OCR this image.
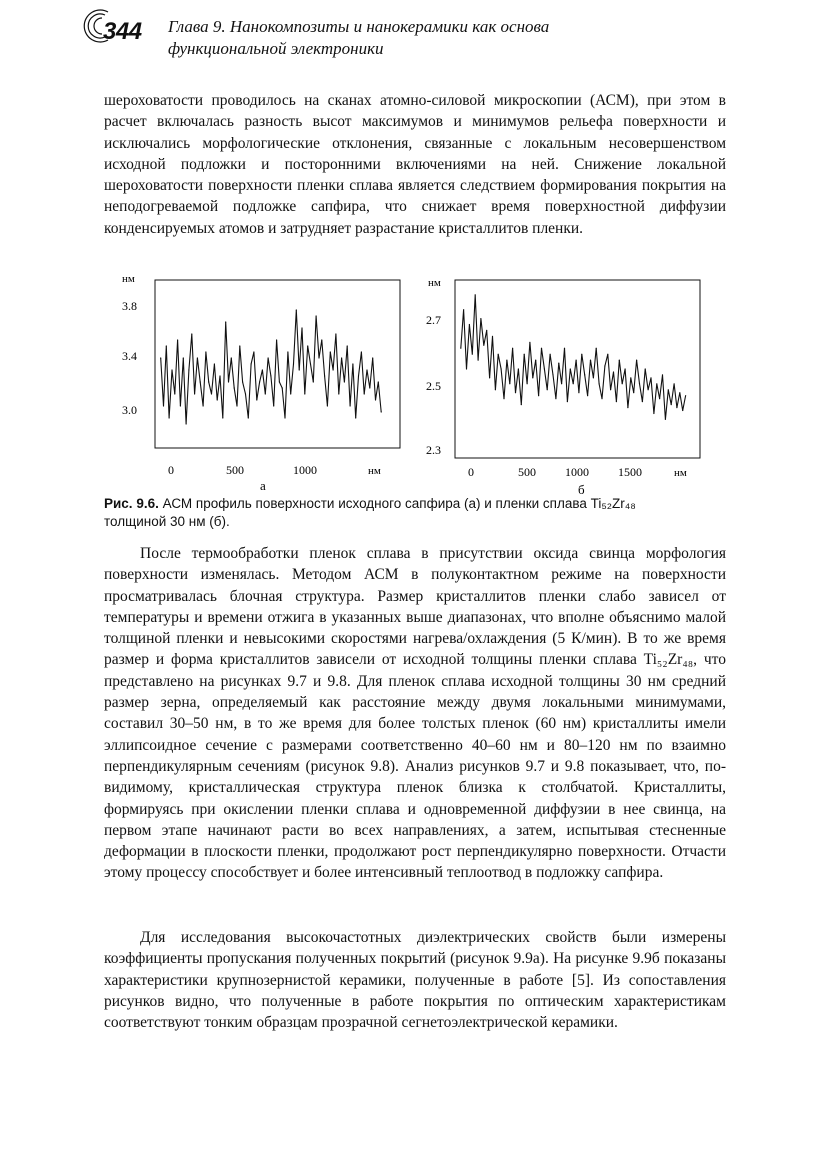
344 Глава 9. Нанокомпозиты и нанокерамики как основа
функциональной электроники

шероховатости проводилось на сканах атомно-силовой микроскопии (АСМ), при этом в расчет включалась разность высот максимумов и минимумов рельефа поверхности и исключались морфологические отклонения, связанные с локальным несовершенством исходной подложки и посторонними включениями на ней. Снижение локальной шероховатости поверхности пленки сплава является следствием формирования покрытия на неподогреваемой подложке сапфира, что снижает время поверхностной диффузии конденсируемых атомов и затрудняет разрастание кристаллитов пленки.

нм
3.8
3.4
3.0
0	500	1000	нм
а
нм
2.7
2.5
2.3
0	500 1000 1500	нм
б
Рис. 9.6. АСМ профиль поверхности исходного сапфира (а) и пленки сплава Ti₅₂Zr₄₈
толщиной 30 нм (б).

После термообработки пленок сплава в присутствии оксида свинца морфология поверхности изменялась. Методом АСМ в полуконтактном режиме на поверхности просматривалась блочная структура. Размер кристаллитов пленки слабо зависел от температуры и времени отжига в указанных выше диапазонах, что вполне объяснимо малой толщиной пленки и невысокими скоростями нагрева/охлаждения (5 К/мин). В то же время размер и форма кристаллитов зависели от исходной толщины пленки сплава Ti₅₂Zr₄₈, что представлено на рисунках 9.7 и 9.8. Для пленок сплава исходной толщины 30 нм средний размер зерна, определяемый как расстояние между двумя локальными минимумами, составил 30–50 нм, в то же время для более толстых пленок (60 нм) кристаллиты имели эллипсоидное сечение с размерами соответственно 40–60 нм и 80–120 нм по взаимно перпендикулярным сечениям (рисунок 9.8). Анализ рисунков 9.7 и 9.8 показывает, что, по-видимому, кристаллическая структура пленок близка к столбчатой. Кристаллиты, формируясь при окислении пленки сплава и одновременной диффузии в нее свинца, на первом этапе начинают расти во всех направлениях, а затем, испытывая стесненные деформации в плоскости пленки, продолжают рост перпендикулярно поверхности. Отчасти этому процессу способствует и более интенсивный теплоотвод в подложку сапфира.

Для исследования высокочастотных диэлектрических свойств были измерены коэффициенты пропускания полученных покрытий (рисунок 9.9а). На рисунке 9.9б показаны характеристики крупнозернистой керамики, полученные в работе [5]. Из сопоставления рисунков видно, что полученные в работе покрытия по оптическим характеристикам соответствуют тонким образцам прозрачной сегнетоэлектрической керамики.
